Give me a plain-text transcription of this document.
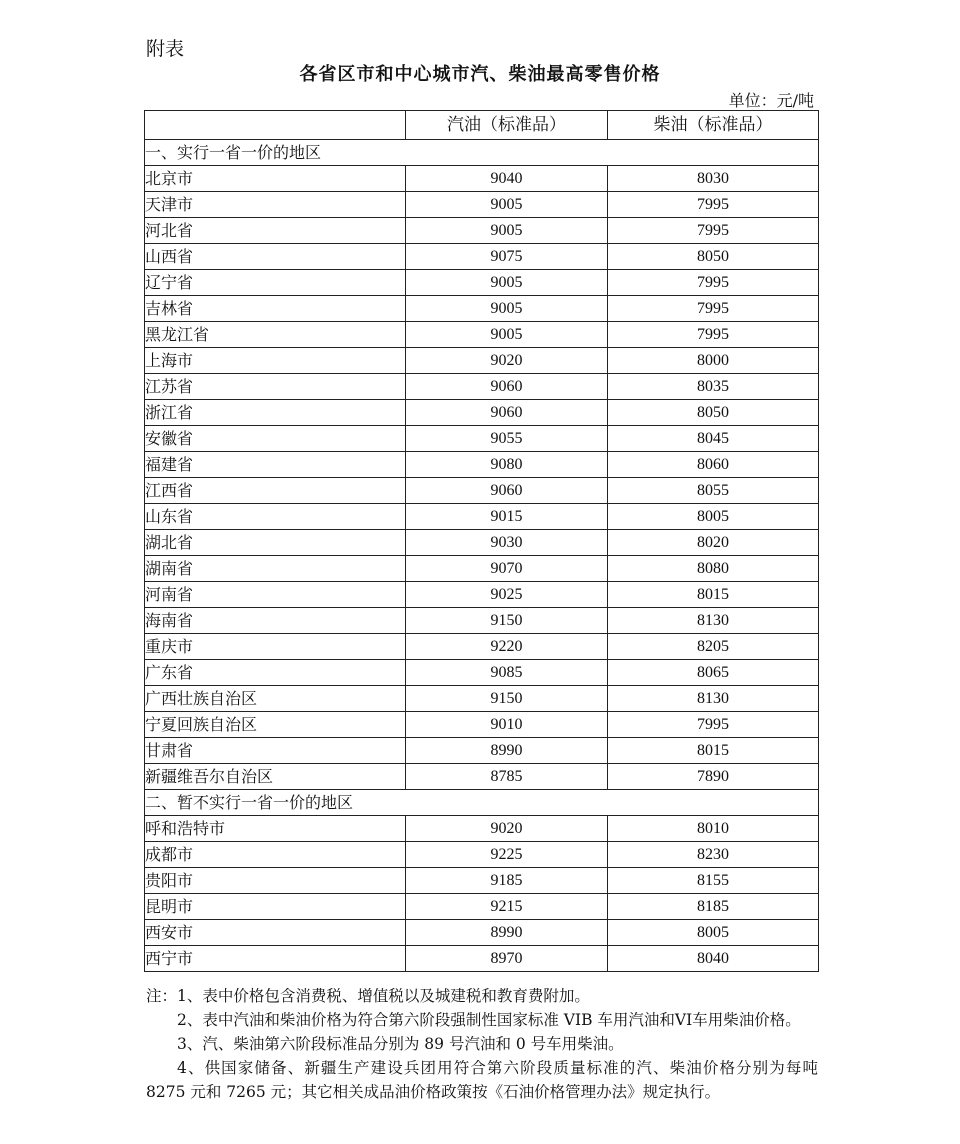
附表
各省区市和中心城市汽、柴油最高零售价格
单位：元/吨
	汽油（标准品）	柴油（标准品）
一、实行一省一价的地区		
北京市	9040	8030
天津市	9005	7995
河北省	9005	7995
山西省	9075	8050
辽宁省	9005	7995
吉林省	9005	7995
黑龙江省	9005	7995
上海市	9020	8000
江苏省	9060	8035
浙江省	9060	8050
安徽省	9055	8045
福建省	9080	8060
江西省	9060	8055
山东省	9015	8005
湖北省	9030	8020
湖南省	9070	8080
河南省	9025	8015
海南省	9150	8130
重庆市	9220	8205
广东省	9085	8065
广西壮族自治区	9150	8130
宁夏回族自治区	9010	7995
甘肃省	8990	8015
新疆维吾尔自治区	8785	7890
二、暂不实行一省一价的地区		
呼和浩特市	9020	8010
成都市	9225	8230
贵阳市	9185	8155
昆明市	9215	8185
西安市	8990	8005
西宁市	8970	8040

注：1、表中价格包含消费税、增值税以及城建税和教育费附加。

2、表中汽油和柴油价格为符合第六阶段强制性国家标准 VIB 车用汽油和VI车用柴油价格。

3、汽、柴油第六阶段标准品分别为 89 号汽油和 0 号车用柴油。

4、供国家储备、新疆生产建设兵团用符合第六阶段质量标准的汽、柴油价格分别为每吨 8275 元和 7265 元；其它相关成品油价格政策按《石油价格管理办法》规定执行。
